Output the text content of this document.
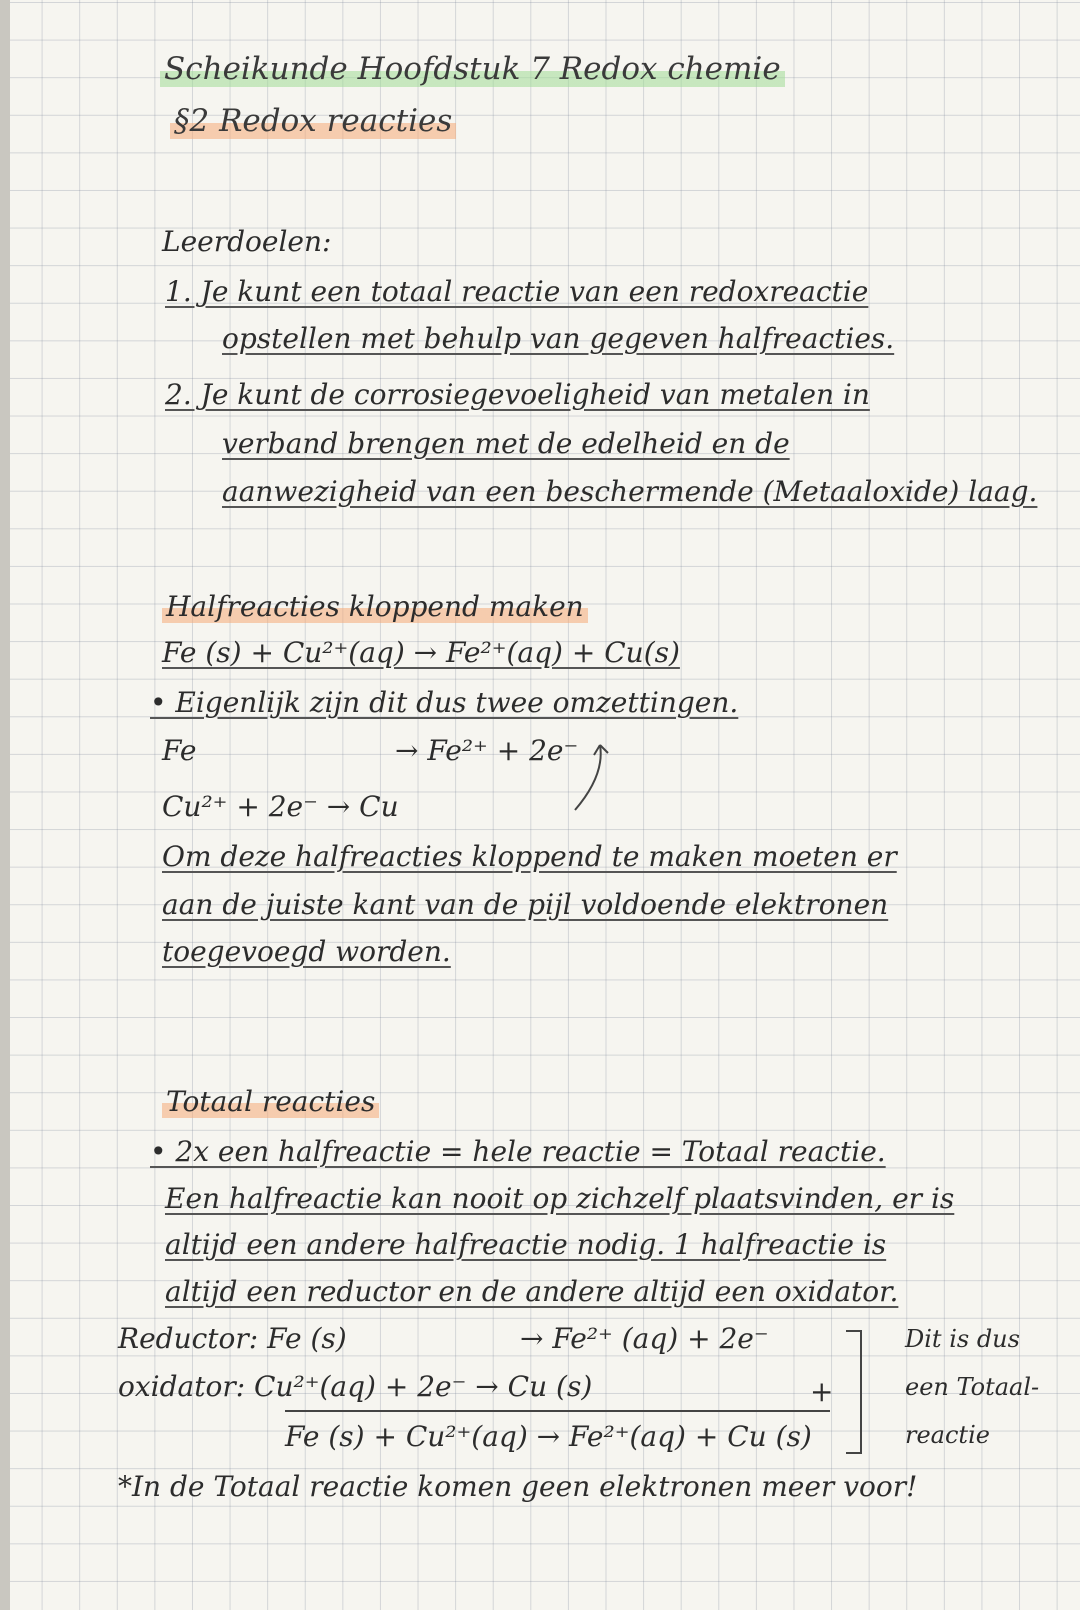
Scheikunde Hoofdstuk 7 Redox chemie
§2 Redox reacties
Leerdoelen:
1. Je kunt een totaal reactie van een redoxreactie
opstellen met behulp van gegeven halfreacties.
2. Je kunt de corrosiegevoeligheid van metalen in
verband brengen met de edelheid en de
aanwezigheid van een beschermende (Metaaloxide) laag.
Halfreacties kloppend maken
Fe (s) + Cu²⁺(aq) → Fe²⁺(aq) + Cu(s)
• Eigenlijk zijn dit dus twee omzettingen.
Fe	→ Fe²⁺ + 2e⁻
Cu²⁺ + 2e⁻ → Cu
Om deze halfreacties kloppend te maken moeten er
aan de juiste kant van de pijl voldoende elektronen
toegevoegd worden.
Totaal reacties
• 2x een halfreactie = hele reactie = Totaal reactie.
Een halfreactie kan nooit op zichzelf plaatsvinden, er is
altijd een andere halfreactie nodig. 1 halfreactie is
altijd een reductor en de andere altijd een oxidator.
Reductor: Fe (s)	→ Fe²⁺ (aq) + 2e⁻
oxidator: Cu²⁺(aq) + 2e⁻ → Cu (s)	+
Fe (s) + Cu²⁺(aq) → Fe²⁺(aq) + Cu (s)
Dit is dus
een Totaal-
reactie
*In de Totaal reactie komen geen elektronen meer voor!
